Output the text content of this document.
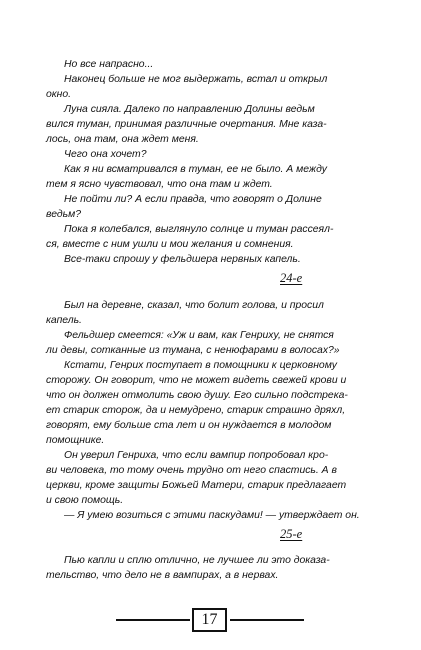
Но все напрасно...

Наконец больше не мог выдержать, встал и открыл

окно.

Луна сияла. Далеко по направлению Долины ведьм

вился туман, принимая различные очертания. Мне каза-

лось, она там, она ждет меня.

Чего она хочет?

Как я ни всматривался в туман, ее не было. А между

тем я ясно чувствовал, что она там и ждет.

Не пойти ли? А если правда, что говорят о Долине

ведьм?

Пока я колебался, выглянуло солнце и туман рассеял-

ся, вместе с ним ушли и мои желания и сомнения.

Все-таки спрошу у фельдшера нервных капель.

24-е

Был на деревне, сказал, что болит голова, и просил

капель.

Фельдшер смеется: «Уж и вам, как Генриху, не снятся

ли девы, сотканные из тумана, с ненюфарами в волосах?»

Кстати, Генрих поступает в помощники к церковному

сторожу. Он говорит, что не может видеть свежей крови и

что он должен отмолить свою душу. Его сильно подстрека-

ет старик сторож, да и немудрено, старик страшно дряхл,

говорят, ему больше ста лет и он нуждается в молодом

помощнике.

Он уверил Генриха, что если вампир попробовал кро-

ви человека, то тому очень трудно от него спастись. А в

церкви, кроме защиты Божьей Матери, старик предлагает

и свою помощь.

— Я умею возиться с этими паскудами! — утверждает он.

25-е

Пью капли и сплю отлично, не лучшее ли это доказа-

тельство, что дело не в вампирах, а в нервах.

17
